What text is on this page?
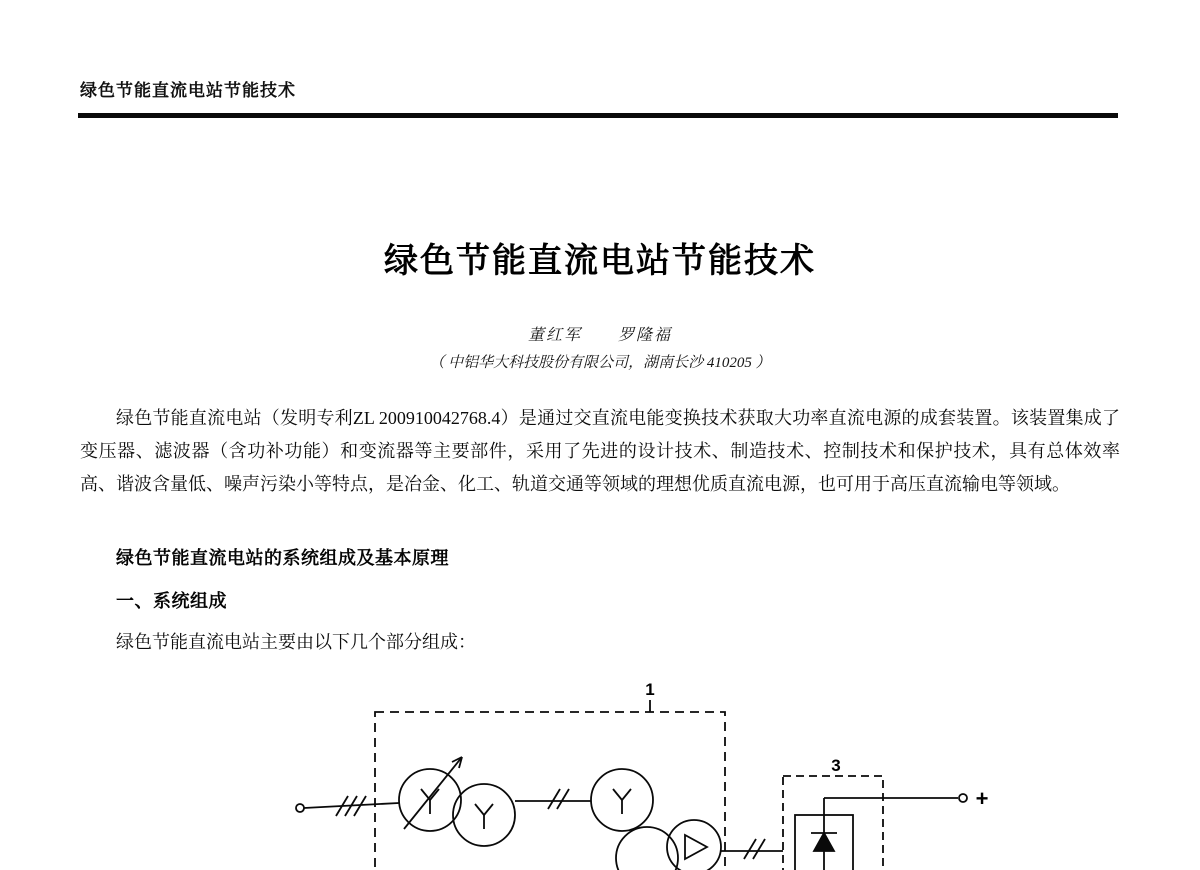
绿色节能直流电站节能技术
绿色节能直流电站节能技术
董红军　　罗隆福
（ 中铝华大科技股份有限公司，湖南长沙 410205 ）
绿色节能直流电站（发明专利ZL 200910042768.4）是通过交直流电能变换技术获取大功率直流电源的成套装置。该装置集成了变压器、滤波器（含功补功能）和变流器等主要部件，采用了先进的设计技术、制造技术、控制技术和保护技术，具有总体效率高、谐波含量低、噪声污染小等特点，是冶金、化工、轨道交通等领域的理想优质直流电源，也可用于高压直流输电等领域。
绿色节能直流电站的系统组成及基本原理
一、系统组成
绿色节能直流电站主要由以下几个部分组成：
1
3
+
